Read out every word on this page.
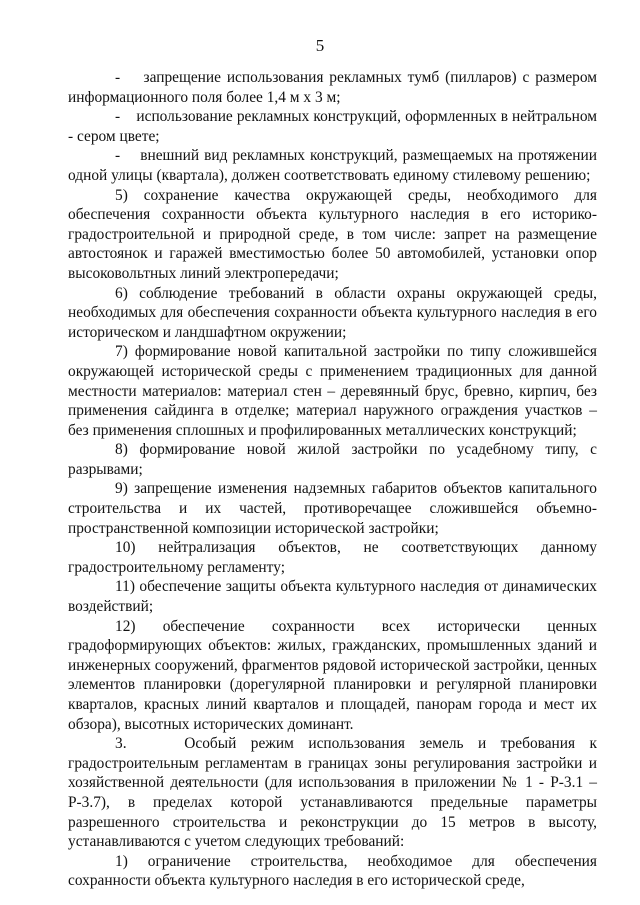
5

-    запрещение использования рекламных тумб (пилларов) с размером информационного поля более 1,4 м х 3 м;

-    использование рекламных конструкций, оформленных в нейтральном - сером цвете;

-    внешний вид рекламных конструкций, размещаемых на протяжении одной улицы (квартала), должен соответствовать единому стилевому решению;

5) сохранение качества окружающей среды, необходимого для обеспечения сохранности объекта культурного наследия в его историко-градостроительной и природной среде, в том числе: запрет на размещение автостоянок и гаражей вместимостью более 50 автомобилей, установки опор высоковольтных линий электропередачи;

6) соблюдение требований в области охраны окружающей среды, необходимых для обеспечения сохранности объекта культурного наследия в его историческом и ландшафтном окружении;

7) формирование новой капитальной застройки по типу сложившейся окружающей исторической среды с применением традиционных для данной местности материалов: материал стен – деревянный брус, бревно, кирпич, без применения сайдинга в отделке; материал наружного ограждения участков – без применения сплошных и профилированных металлических конструкций;

8) формирование новой жилой застройки по усадебному типу, с разрывами;

9) запрещение изменения надземных габаритов объектов капитального строительства и их частей, противоречащее сложившейся объемно-пространственной композиции исторической застройки;

10) нейтрализация объектов, не соответствующих данному градостроительному регламенту;

11) обеспечение защиты объекта культурного наследия от динамических воздействий;

12) обеспечение сохранности всех исторически ценных градоформирующих объектов: жилых, гражданских, промышленных зданий и инженерных сооружений, фрагментов рядовой исторической застройки, ценных элементов планировки (дорегулярной планировки и регулярной планировки кварталов, красных линий кварталов и площадей, панорам города и мест их обзора), высотных исторических доминант.

3.    Особый режим использования земель и требования к градостроительным регламентам в границах зоны регулирования застройки и хозяйственной деятельности (для использования в приложении № 1 - Р-3.1 – Р-3.7), в пределах которой устанавливаются предельные параметры разрешенного строительства и реконструкции до 15 метров в высоту, устанавливаются с учетом следующих требований:

1) ограничение строительства, необходимое для обеспечения сохранности объекта культурного наследия в его исторической среде,
